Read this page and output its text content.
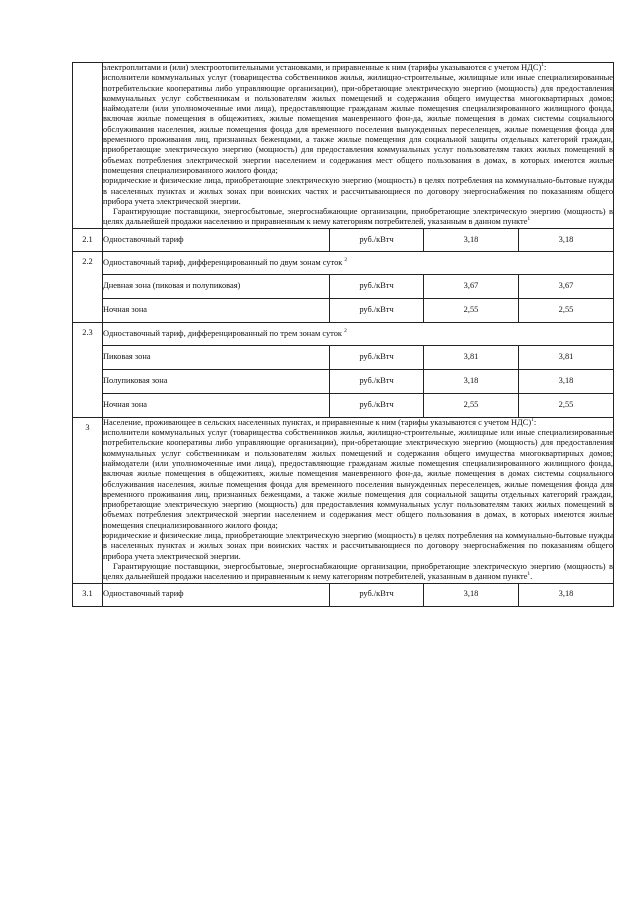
	электроплитами и (или) электроотопительными установками, и приравненные к ним (тарифы указываются с учетом НДС)$^1$:

исполнители коммунальных услуг (товарищества собственников жилья, жилищно-строительные, жилищные или иные специализированные потребительские кооперативы либо управляющие организации), при-обретающие электрическую энергию (мощность) для предоставления коммунальных услуг собственникам и пользователям жилых помещений и содержания общего имущества многоквартирных домов; наймодатели (или уполномоченные ими лица), предоставляющие гражданам жилые помещения специализированного жилищного фонда, включая жилые помещения в общежитиях, жилые помещения маневренного фон-да, жилые помещения в домах системы социального обслуживания населения, жилые помещения фонда для временного поселения вынужденных переселенцев, жилые помещения фонда для временного проживания лиц, признанных беженцами, а также жилые помещения для социальной защиты отдельных категорий граждан, приобретающие электрическую энергию (мощность) для предоставления коммунальных услуг пользователям таких жилых помещений в объемах потребления электрической энергии населением и содержания мест общего пользования в домах, в которых имеются жилые помещения специализированного жилого фонда;

юридические и физические лица, приобретающие электрическую энергию (мощность) в целях потребления на коммунально-бытовые нужды в населенных пунктах и жилых зонах при воинских частях и рассчитывающиеся по договору энергоснабжения по показаниям общего прибора учета электрической энергии.

Гарантирующие поставщики, энергосбытовые, энергоснабжающие организации, приобретающие электрическую энергию (мощность) в целях дальнейшей продажи населению и приравненным к нему категориям потребителей, указанным в данном пункте$^1$

2.1	Одноставочный тариф	руб./кВтч	3,18	3,18
2.2	Одноставочный тариф, дифференцированный по двум зонам суток $^2$
	Дневная зона (пиковая и полупиковая)	руб./кВтч	3,67	3,67
	Ночная зона	руб./кВтч	2,55	2,55
2.3	Одноставочный тариф, дифференцированный по трем зонам суток $^2$
	Пиковая зона	руб./кВтч	3,81	3,81
	Полупиковая зона	руб./кВтч	3,18	3,18
	Ночная зона	руб./кВтч	2,55	2,55
3	Население, проживающее в сельских населенных пунктах, и приравненные к ним (тарифы указываются с учетом НДС)$^1$:

исполнители коммунальных услуг (товарищества собственников жилья, жилищно-строительные, жилищные или иные специализированные потребительские кооперативы либо управляющие организации), при-обретающие электрическую энергию (мощность) для предоставления коммунальных услуг собственникам и пользователям жилых помещений и содержания общего имущества многоквартирных домов; наймодатели (или уполномоченные ими лица), предоставляющие гражданам жилые помещения специализированного жилищного фонда, включая жилые помещения в общежитиях, жилые помещения маневренного фон-да, жилые помещения в домах системы социального обслуживания населения, жилые помещения фонда для временного поселения вынужденных переселенцев, жилые помещения фонда для временного проживания лиц, признанных беженцами, а также жилые помещения для социальной защиты отдельных категорий граждан, приобретающие электрическую энергию (мощность) для предоставления коммунальных услуг пользователям таких жилых помещений в объемах потребления электрической энергии населением и содержания мест общего пользования в домах, в которых имеются жилые помещения специализированного жилого фонда;

юридические и физические лица, приобретающие электрическую энергию (мощность) в целях потребления на коммунально-бытовые нужды в населенных пунктах и жилых зонах при воинских частях и рассчитывающиеся по договору энергоснабжения по показаниям общего прибора учета электрической энергии.

Гарантирующие поставщики, энергосбытовые, энергоснабжающие организации, приобретающие электрическую энергию (мощность) в целях дальнейшей продажи населению и приравненным к нему категориям потребителей, указанным в данном пункте$^1$.			

3.1	Одноставочный тариф	руб./кВтч	3,18	3,18
